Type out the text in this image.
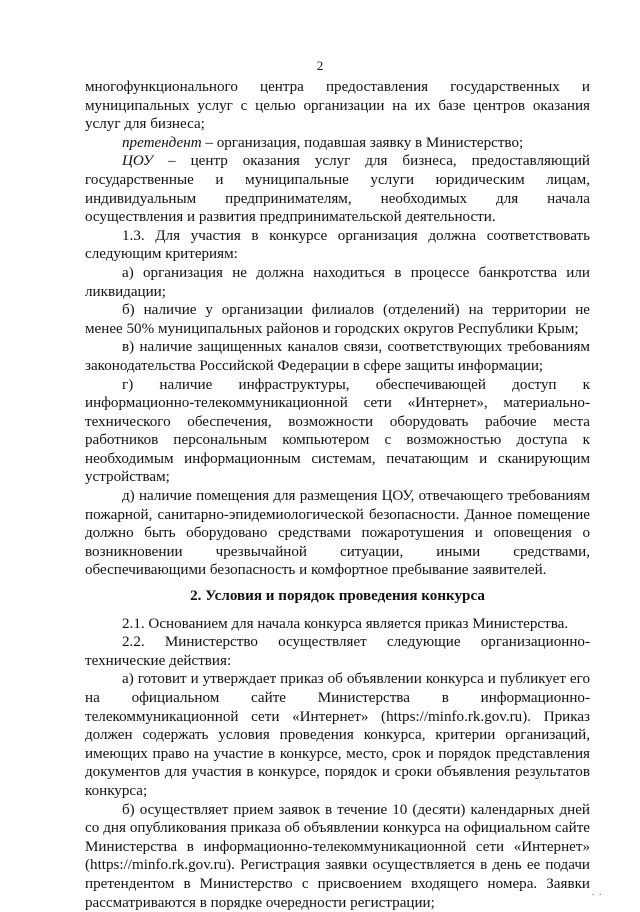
2

многофункционального центра предоставления государственных и муниципальных услуг с целью организации на их базе центров оказания услуг для бизнеса;

претендент – организация, подавшая заявку в Министерство;

ЦОУ – центр оказания услуг для бизнеса, предоставляющий государственные и муниципальные услуги юридическим лицам, индивидуальным предпринимателям, необходимых для начала осуществления и развития предпринимательской деятельности.

1.3. Для участия в конкурсе организация должна соответствовать следующим критериям:

а) организация не должна находиться в процессе банкротства или ликвидации;

б) наличие у организации филиалов (отделений) на территории не менее 50% муниципальных районов и городских округов Республики Крым;

в) наличие защищенных каналов связи, соответствующих требованиям законодательства Российской Федерации в сфере защиты информации;

г) наличие инфраструктуры, обеспечивающей доступ к информационно-телекоммуникационной сети «Интернет», материально-технического обеспечения, возможности оборудовать рабочие места работников персональным компьютером с возможностью доступа к необходимым информационным системам, печатающим и сканирующим устройствам;

д) наличие помещения для размещения ЦОУ, отвечающего требованиям пожарной, санитарно-эпидемиологической безопасности. Данное помещение должно быть оборудовано средствами пожаротушения и оповещения о возникновении чрезвычайной ситуации, иными средствами, обеспечивающими безопасность и комфортное пребывание заявителей.

2. Условия и порядок проведения конкурса

2.1. Основанием для начала конкурса является приказ Министерства.

2.2. Министерство осуществляет следующие организационно-технические действия:

а) готовит и утверждает приказ об объявлении конкурса и публикует его на официальном сайте Министерства в информационно-телекоммуникационной сети «Интернет» (https://minfo.rk.gov.ru). Приказ должен содержать условия проведения конкурса, критерии организаций, имеющих право на участие в конкурсе, место, срок и порядок представления документов для участия в конкурсе, порядок и сроки объявления результатов конкурса;

б) осуществляет прием заявок в течение 10 (десяти) календарных дней со дня опубликования приказа об объявлении конкурса на официальном сайте Министерства в информационно-телекоммуникационной сети «Интернет» (https://minfo.rk.gov.ru). Регистрация заявки осуществляется в день ее подачи претендентом в Министерство с присвоением входящего номера. Заявки рассматриваются в порядке очередности регистрации;

. .
